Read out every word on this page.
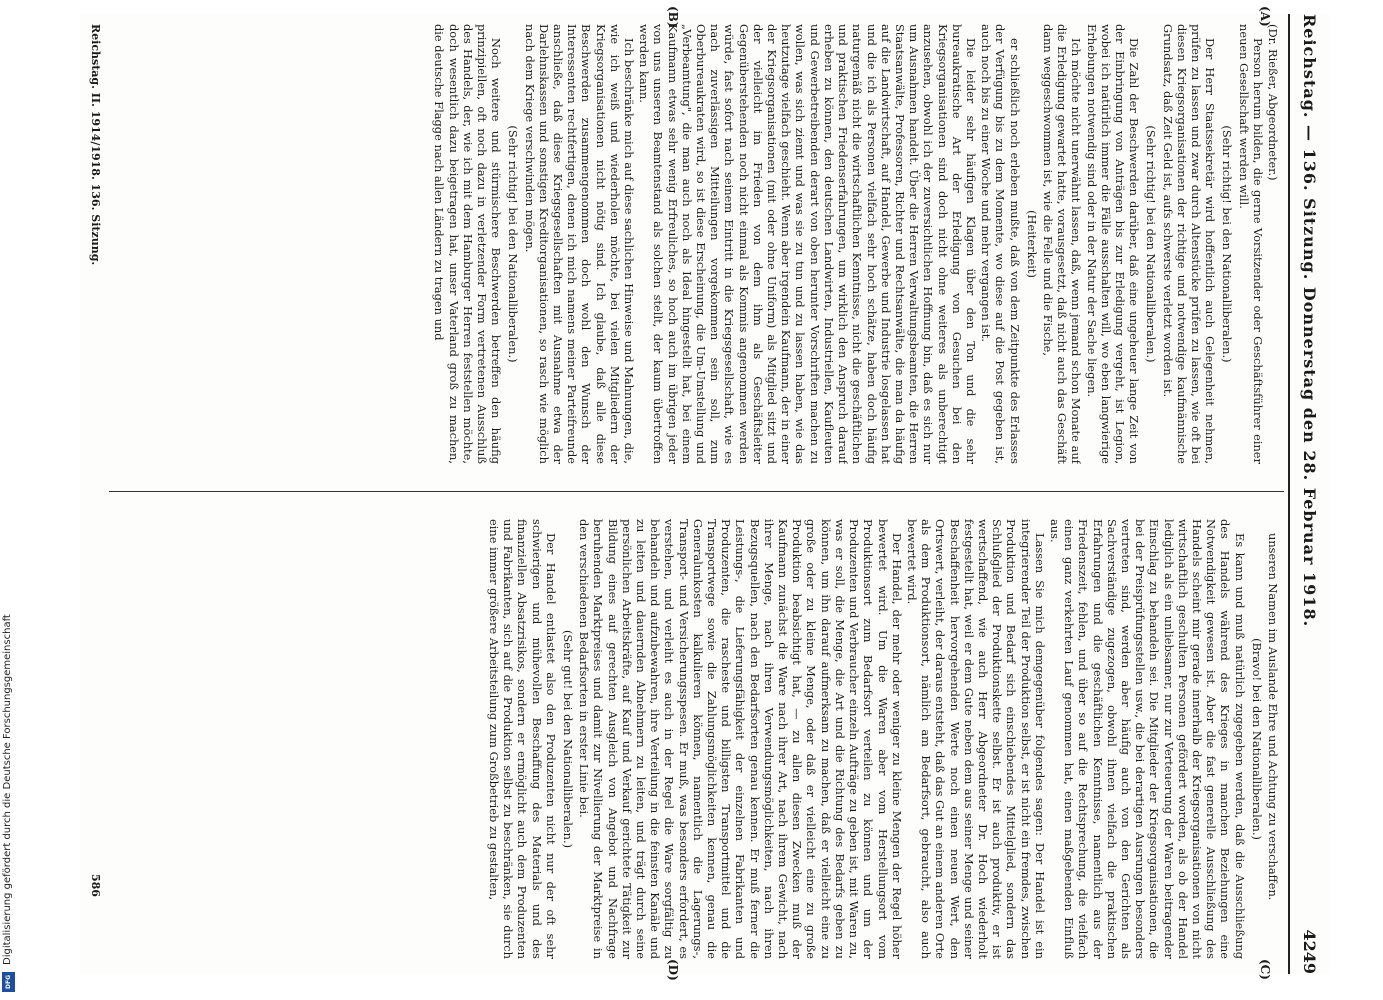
Digitalisierung gefördert durch die Deutsche Forschungsgemeinschaft
DFG
Reichstag. — 136. Sitzung. Donnerstag den 28. Februar 1918.
4249
(A)
(B)
(C)
(D)

(Dr. Rießer, Abgeordneter.)

Person herum bilden, die gerne Vorsitzender oder Geschäftsführer einer neuen Gesellschaft werden will.

(Sehr richtig! bei den Nationalliberalen.)

Der Herr Staatssekretär wird hoffentlich auch Gelegenheit nehmen, prüfen zu lassen und zwar durch Altenstücke prüfen zu lassen, wie oft bei diesen Kriegsorganisationen der richtige und notwendige kaufmännische Grundsatz, daß Zeit Geld ist, aufs schwerste verletzt worden ist.

(Sehr richtig! bei den Nationalliberalen.)

Die Zahl der Beschwerden darüber, daß eine ungeheuer lange Zeit von der Einbringung von Anträgen bis zur Erledigung vergeht, ist Legion, wobei ich natürlich immer die Fälle ausschalten will, wo eben langwierige Erhebungen notwendig sind oder in der Natur der Sache liegen.

Ich möchte nicht unerwähnt lassen, daß, wenn jemand schon Monate auf die Erledigung gewartet hatte, vorausgesetzt, daß nicht auch das Geschäft dann weggeschwommen ist, wie die Felle und die Fische,

(Heiterkeit)

er schließlich noch erleben mußte, daß von dem Zeitpunkte des Erlasses der Verfügung bis zu dem Momente, wo diese auf die Post gegeben ist, auch noch bis zu einer Woche und mehr vergangen ist.

Die leider sehr häufigen Klagen über den Ton und die sehr bureaukratische Art der Erledigung von Gesuchen bei den Kriegsorganisationen sind doch nicht ohne weiteres als unberechtigt anzusehen, obwohl ich der zuversichtlichen Hoffnung bin, daß es sich nur um Ausnahmen handelt. Über die Herren Verwaltungsbeamten, die Herren Staatsanwälte, Professoren, Richter und Rechtsanwälte, die man da häufig auf die Landwirtschaft, auf Handel, Gewerbe und Industrie losgelassen hat und die ich als Personen vielfach sehr hoch schätze, haben doch häufig naturgemäß nicht die wirtschaftlichen Kenntnisse, nicht die geschäftlichen und praktischen Friedenserfahrungen, um wirklich den Anspruch darauf erheben zu können, den deutschen Landwirten, Industriellen, Kaufleuten und Gewerbetreibenden derart von oben herunter Vorschriften machen zu wollen, was sich ziemt und was sie zu tun und zu lassen haben, wie das heutzutage vielfach geschieht. Wenn aber irgendein Kaufmann, der in einer der Kriegsorganisationen (mit oder ohne Uniform) als Mitglied sitzt und der vielleicht im Frieden von dem ihm als Geschäftsleiter Gegenüberstehenden noch nicht einmal als Kommis angenommen werden würde, fast sofort nach seinem Eintritt in die Kriegsgesellschaft, wie es nach zuverlässigen Mitteilungen vorgekommen sein soll, zum Oberbureaukraten wird, so ist diese Erscheinung, die Um-Umstellung und „Verbeamtung", die man auch noch als Ideal hingestellt hat, bei einem Kaufmann etwas sehr wenig Erfreuliches, so hoch auch im übrigen jeder von uns unseren Beamtenstand als solchen stellt, der kaum übertroffen werden kann.

Ich beschränke mich auf diese sachlichen Hinweise und Mahnungen, die, wie ich weiß und wiederholen möchte, bei vielen Mitgliedern der Kriegsorganisationen nicht nötig sind. Ich glaube, daß alle diese Beschwerden zusammengenommen doch wohl den Wunsch der Interessenten rechtfertigen, denen ich mich namens meiner Parteifreunde anschließe, daß diese Kriegsgesellschaften mit Ausnahme etwa der Darlehnskassen und sonstigen Kreditorganisationen, so rasch wie möglich nach dem Kriege verschwinden mögen.

(Sehr richtig! bei den Nationalliberalen.)

Noch weitere und stürmischere Beschwerden betreffen den häufig prinzipiellen, oft noch dazu in verletzender Form vertretenen Ausschluß des Handels, der, wie ich mit dem Hamburger Herren feststellen möchte, doch wesentlich dazu beigetragen hat, unser Vaterland groß zu machen, die deutsche Flagge nach allen Ländern zu tragen und

unseren Namen im Auslande Ehre und Achtung zu verschaffen.

(Bravo! bei den Nationalliberalen.)

Es kann und muß natürlich zugegeben werden, daß die Ausschließung des Handels während des Krieges in manchen Beziehungen eine Notwendigkeit gewesen ist. Aber die fast generelle Ausschließung des Handels scheint mir gerade innerhalb der Kriegsorganisationen von nicht wirtschaftlich geschulten Personen gefördert worden, als ob der Handel lediglich als ein unliebsamer, nur zur Verteuerung der Waren beitragender Einschlag zu behandeln sei. Die Mitglieder der Kriegsorganisationen, die bei der Preisprüfungsstellen usw., die bei derartigen Ausrungen besonders vertreten sind, werden aber häufig auch von den Gerichten als Sachverständige zugezogen, obwohl ihnen vielfach die praktischen Erfahrungen und die geschäftlichen Kenntnisse, namentlich aus der Friedenszeit, fehlen, und über so auf die Rechtsprechung, die vielfach einen ganz verkehrten Lauf genommen hat, einen maßgebenden Einfluß aus.

Lassen Sie mich demgegenüber folgendes sagen: Der Handel ist ein integrierender Teil der Produktion selbst, er ist nicht ein fremdes, zwischen Produktion und Bedarf sich einschiebendes Mittelglied, sondern das Schlußglied der Produktionskette selbst. Er ist auch produktiv, er ist wertschaffend, wie auch Herr Abgeordneter Dr. Hoch wiederholt festgestellt hat, weil er dem Gute neben dem aus seiner Menge und seiner Beschaffenheit hervorgehenden Werte noch einen neuen Wert, den Ortswert, verleiht, der daraus entsteht, daß das Gut an einem anderen Orte als dem Produktionsort, nämlich am Bedarfsort, gebraucht, also auch bewertet wird.

Der Handel, der mehr oder weniger zu kleine Mengen der Regel höher bewertet wird. Um die Waren aber vom Herstellungsort vom Produktionsort zum Bedarfsort verteilen zu können und um der Produzenten und Verbraucher einzeln Aufträge zu geben ist, mit Waren zu, was er soll, die Menge, die Art und die Richtung des Bedarfs geben zu können, um ihn darauf aufmerksam zu machen, daß er vielleicht eine zu große oder zu kleine Menge, oder daß er vielleicht eine zu große Produktion beabsichtigt hat, — zu allen diesen Zwecken muß der Kaufmann zunächst die Ware nach ihrer Art, nach ihrem Gewicht, nach ihrer Menge, nach ihren Verwendungsmöglichkeiten, nach ihren Bezugsquellen, nach den Bedarfsorten genau kennen. Er muß ferner die Leistungs-, die Lieferungsfähigkeit der einzelnen Fabrikanten und Produzenten, die rascheste und billigsten Transportmittel und die Transportwege sowie die Zahlungsmöglichkeiten kennen, genau die Generalunkosten kalkulieren können, namentlich die Lagerungs-, Transport- und Versicherungsspesen. Er muß, was besonders erfordert, es verstehen, und verleiht es auch in der Regel die Ware sorgfältig zu behandeln und aufzubewahren, ihre Verteilung in die feinsten Kanäle und zu leiten und dauernden Abnehmern zu leiten, und trägt durch seine persönlichen Arbeitskräfte, auf Kauf und Verkauf gerichtete Tätigkeit zur Bildung eines auf gerechten Ausgleich von Angebot und Nachfrage beruhenden Marktpreises und damit zur Nivellierung der Marktpreise in den verschiedenen Bedarfsorten in erster Linie bei.

(Sehr gut! bei den Nationalliberalen.)

Der Handel entlastet also den Produzenten nicht nur der oft sehr schwierigen und mühevollen Beschaffung des Materials und des finanziellen Absatzrisikos, sondern er ermöglicht auch dem Produzenten und Fabrikanten, sich auf die Produktion selbst zu beschränken, sie durch eine immer größere Arbeitsteilung zum Großbetrieb zu gestalten,

Reichstag. II. 1914/1918. 136. Sitzung.
586
